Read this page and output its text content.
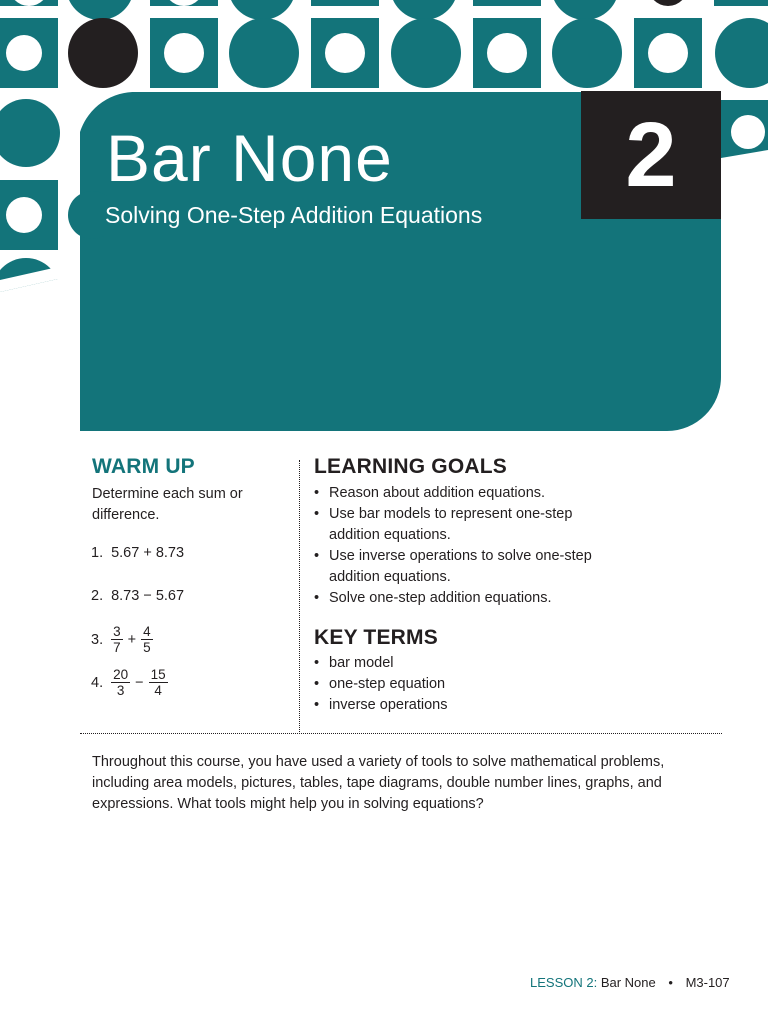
Bar None
Solving One-Step Addition Equations
2
WARM UP
Determine each sum or difference.
1. 5.67 + 8.73
2. 8.73 − 5.67
3. $\frac{3}{7} + \frac{4}{5}$
4. $\frac{20}{3} - \frac{15}{4}$
LEARNING GOALS
• Reason about addition equations.
• Use bar models to represent one-step addition equations.
• Use inverse operations to solve one-step addition equations.
• Solve one-step addition equations.
KEY TERMS
• bar model
• one-step equation
• inverse operations
Throughout this course, you have used a variety of tools to solve mathematical problems, including area models, pictures, tables, tape diagrams, double number lines, graphs, and expressions. What tools might help you in solving equations?
LESSON 2: Bar None • M3-107
